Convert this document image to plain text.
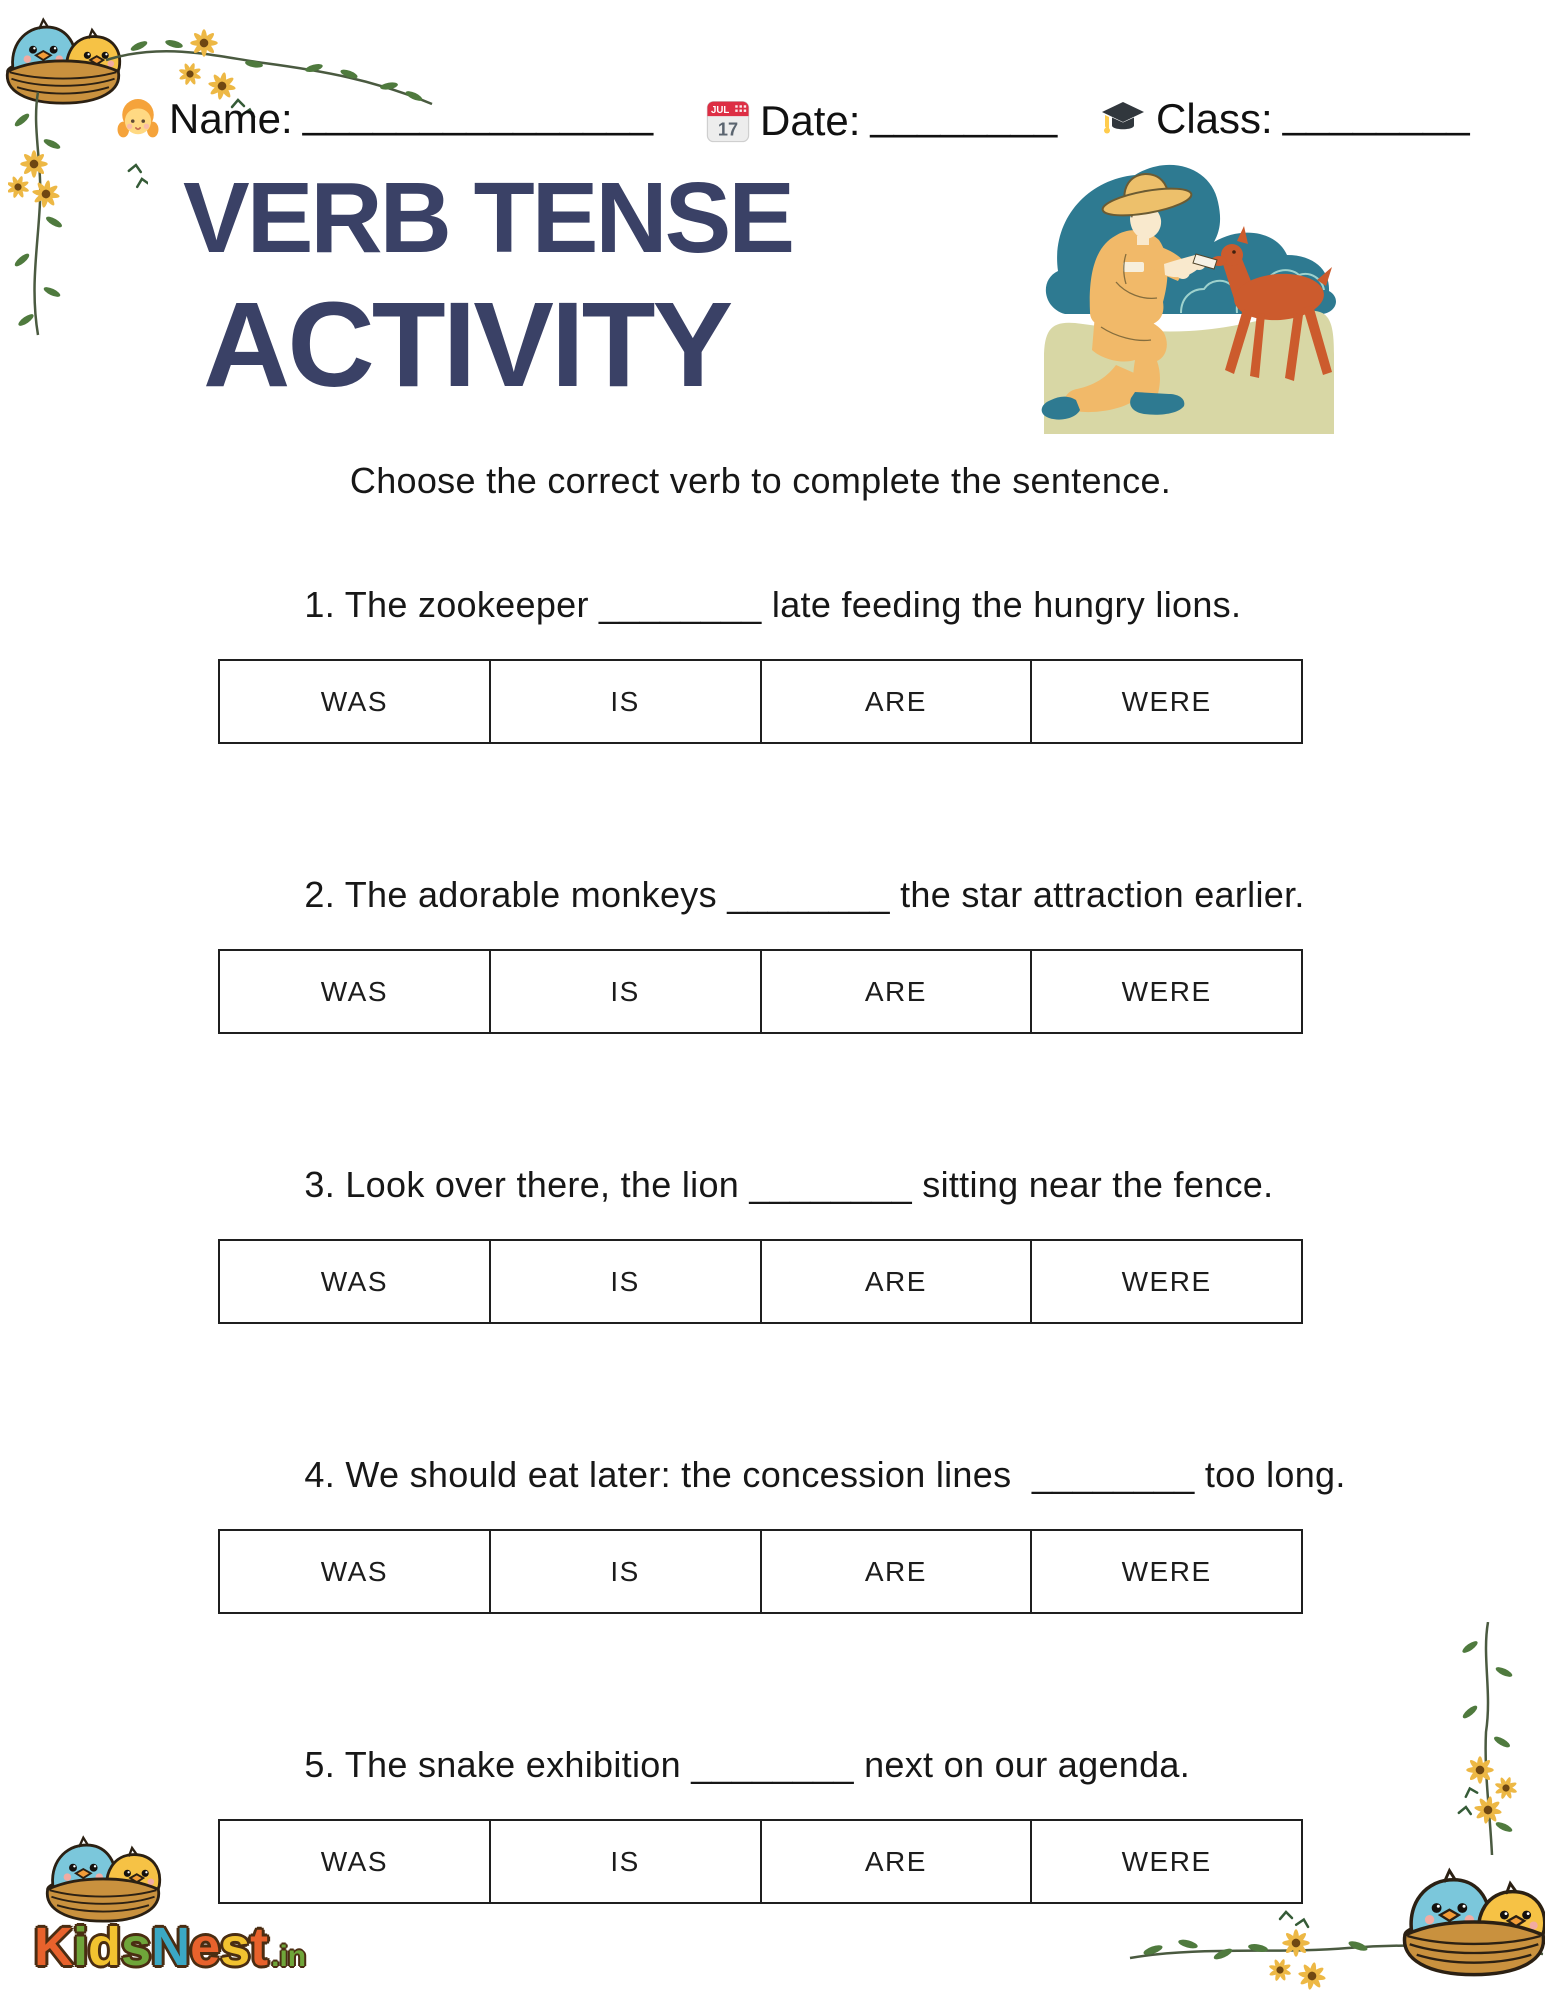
Name: _______________	JUL
17 Date: ________ Class: ________
VERB TENSE
ACTIVITY
Choose the correct verb to complete the sentence.

1. The zookeeper ________ late feeding the hungry lions.

WAS	IS	ARE	WERE

2. The adorable monkeys ________ the star attraction earlier.

WAS	IS	ARE	WERE

3. Look over there, the lion ________ sitting near the fence.

WAS	IS	ARE	WERE

4. We should eat later: the concession lines  ________ too long.

WAS	IS	ARE	WERE

5. The snake exhibition ________ next on our agenda.

WAS	IS	ARE	WERE
K i d s N e s t .in
